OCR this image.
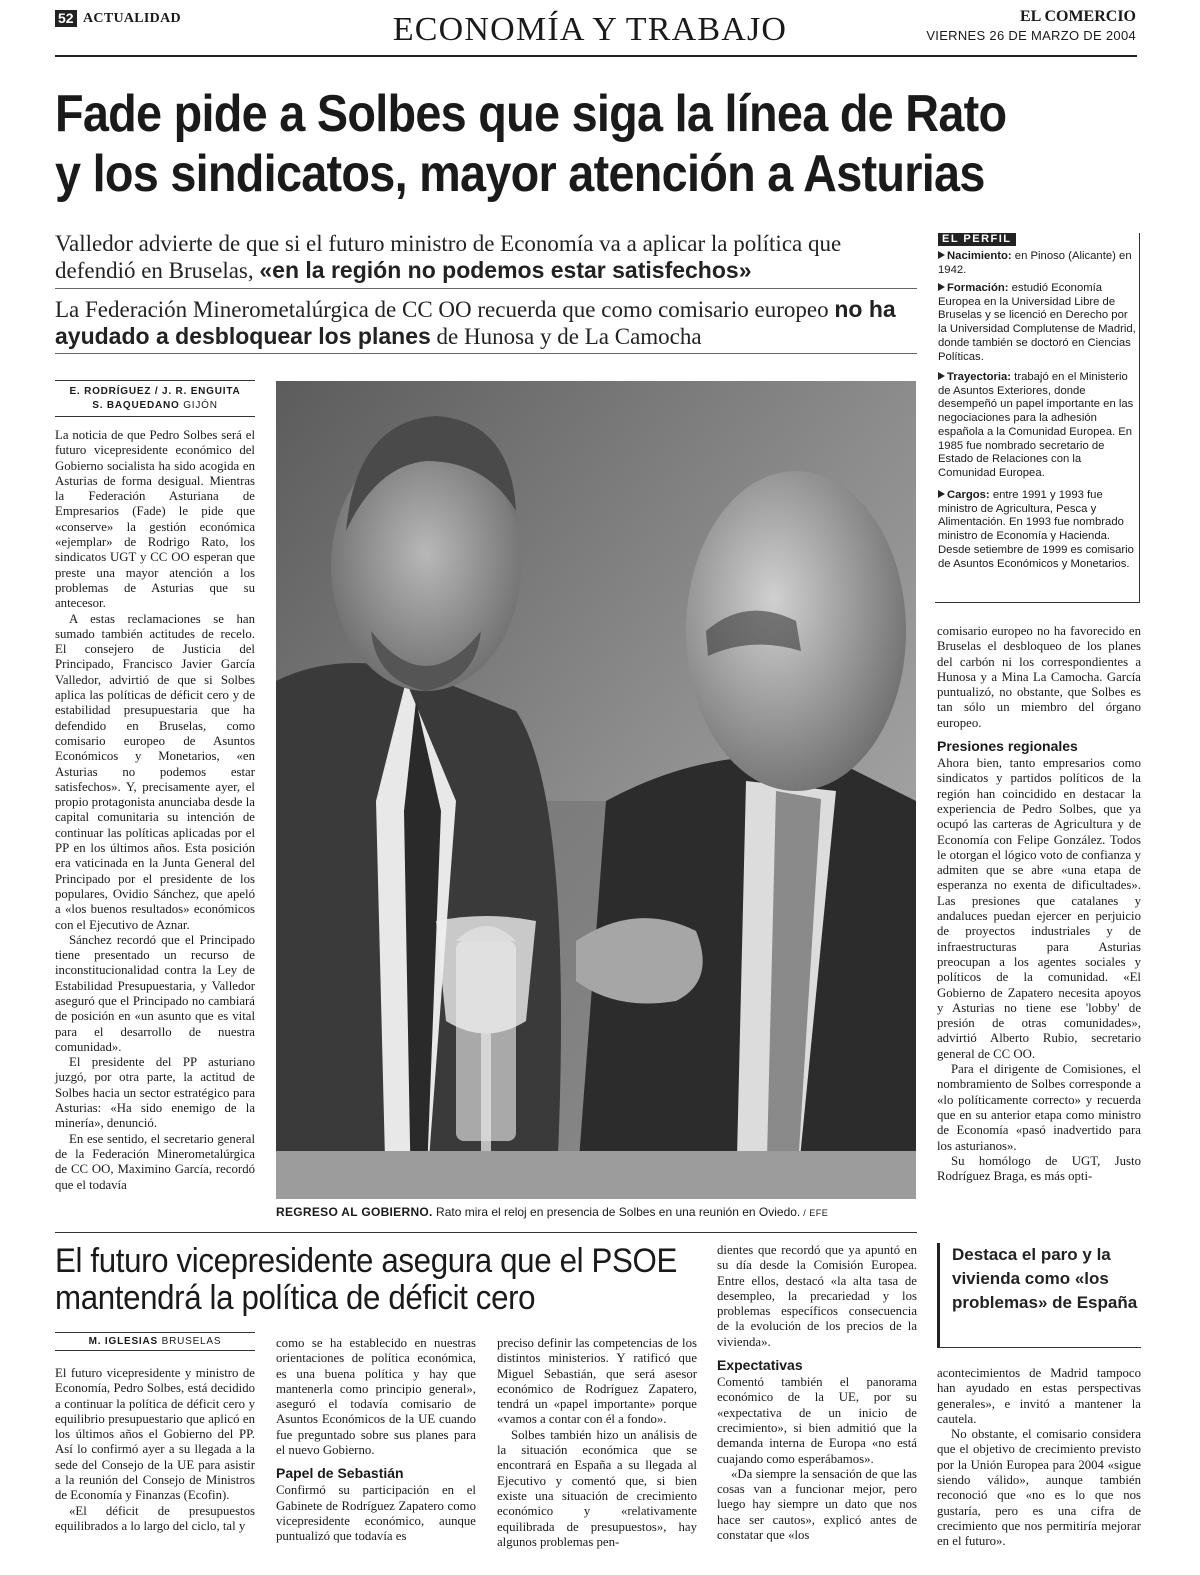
52 ACTUALIDAD	ECONOMÍA Y TRABAJO	EL COMERCIO
VIERNES 26 DE MARZO DE 2004
Fade pide a Solbes que siga la línea de Rato
y los sindicatos, mayor atención a Asturias
Valledor advierte de que si el futuro ministro de Economía va a aplicar la política que defendió en Bruselas, «en la región no podemos estar satisfechos»
La Federación Minerometalúrgica de CC OO recuerda que como comisario europeo no ha ayudado a desbloquear los planes de Hunosa y de La Camocha
EL PERFIL
Nacimiento: en Pinoso (Alicante) en 1942.
Formación: estudió Economía Europea en la Universidad Libre de Bruselas y se licenció en Derecho por la Universidad Complutense de Madrid, donde también se doctoró en Ciencias Políticas.
Trayectoria: trabajó en el Ministerio de Asuntos Exteriores, donde desempeñó un papel importante en las negociaciones para la adhesión española a la Comunidad Europea. En 1985 fue nombrado secretario de Estado de Relaciones con la Comunidad Europea.
Cargos: entre 1991 y 1993 fue ministro de Agricultura, Pesca y Alimentación. En 1993 fue nombrado ministro de Economía y Hacienda. Desde setiembre de 1999 es comisario de Asuntos Económicos y Monetarios.
E. RODRÍGUEZ / J. R. ENGUITA
S. BAQUEDANO GIJÓN

La noticia de que Pedro Solbes será el futuro vicepresidente económico del Gobierno socialista ha sido acogida en Asturias de forma desigual. Mientras la Federación Asturiana de Empresarios (Fade) le pide que «conserve» la gestión económica «ejemplar» de Rodrigo Rato, los sindicatos UGT y CC OO esperan que preste una mayor atención a los problemas de Asturias que su antecesor.

A estas reclamaciones se han sumado también actitudes de recelo. El consejero de Justicia del Principado, Francisco Javier García Valledor, advirtió de que si Solbes aplica las políticas de déficit cero y de estabilidad presupuestaria que ha defendido en Bruselas, como comisario europeo de Asuntos Económicos y Monetarios, «en Asturias no podemos estar satisfechos». Y, precisamente ayer, el propio protagonista anunciaba desde la capital comunitaria su intención de continuar las políticas aplicadas por el PP en los últimos años. Esta posición era vaticinada en la Junta General del Principado por el presidente de los populares, Ovidio Sánchez, que apeló a «los buenos resultados» económicos con el Ejecutivo de Aznar.

Sánchez recordó que el Principado tiene presentado un recurso de inconstitucionalidad contra la Ley de Estabilidad Presupuestaria, y Valledor aseguró que el Principado no cambiará de posición en «un asunto que es vital para el desarrollo de nuestra comunidad».

El presidente del PP asturiano juzgó, por otra parte, la actitud de Solbes hacia un sector estratégico para Asturias: «Ha sido enemigo de la minería», denunció.

En ese sentido, el secretario general de la Federación Minerometalúrgica de CC OO, Maximino García, recordó que el todavía

REGRESO AL GOBIERNO. Rato mira el reloj en presencia de Solbes en una reunión en Oviedo. / EFE

comisario europeo no ha favorecido en Bruselas el desbloqueo de los planes del carbón ni los correspondientes a Hunosa y a Mina La Camocha. García puntualizó, no obstante, que Solbes es tan sólo un miembro del órgano europeo.

Presiones regionales

Ahora bien, tanto empresarios como sindicatos y partidos políticos de la región han coincidido en destacar la experiencia de Pedro Solbes, que ya ocupó las carteras de Agricultura y de Economía con Felipe González. Todos le otorgan el lógico voto de confianza y admiten que se abre «una etapa de esperanza no exenta de dificultades». Las presiones que catalanes y andaluces puedan ejercer en perjuicio de proyectos industriales y de infraestructuras para Asturias preocupan a los agentes sociales y políticos de la comunidad. «El Gobierno de Zapatero necesita apoyos y Asturias no tiene ese 'lobby' de presión de otras comunidades», advirtió Alberto Rubio, secretario general de CC OO.

Para el dirigente de Comisiones, el nombramiento de Solbes corresponde a «lo políticamente correcto» y recuerda que en su anterior etapa como ministro de Economía «pasó inadvertido para los asturianos».

Su homólogo de UGT, Justo Rodríguez Braga, es más opti-

El futuro vicepresidente asegura que el PSOE mantendrá la política de déficit cero
M. IGLESIAS BRUSELAS

El futuro vicepresidente y ministro de Economía, Pedro Solbes, está decidido a continuar la política de déficit cero y equilibrio presupuestario que aplicó en los últimos años el Gobierno del PP. Así lo confirmó ayer a su llegada a la sede del Consejo de la UE para asistir a la reunión del Consejo de Ministros de Economía y Finanzas (Ecofin).

«El déficit de presupuestos equilibrados a lo largo del ciclo, tal y

como se ha establecido en nuestras orientaciones de política económica, es una buena política y hay que mantenerla como principio general», aseguró el todavía comisario de Asuntos Económicos de la UE cuando fue preguntado sobre sus planes para el nuevo Gobierno.

Papel de Sebastián

Confirmó su participación en el Gabinete de Rodríguez Zapatero como vicepresidente económico, aunque puntualizó que todavía es

preciso definir las competencias de los distintos ministerios. Y ratificó que Miguel Sebastián, que será asesor económico de Rodríguez Zapatero, tendrá un «papel importante» porque «vamos a contar con él a fondo».

Solbes también hizo un análisis de la situación económica que se encontrará en España a su llegada al Ejecutivo y comentó que, si bien existe una situación de crecimiento económico y «relativamente equilibrada de presupuestos», hay algunos problemas pen-

dientes que recordó que ya apuntó en su día desde la Comisión Europea. Entre ellos, destacó «la alta tasa de desempleo, la precariedad y los problemas específicos consecuencia de la evolución de los precios de la vivienda».

Expectativas

Comentó también el panorama económico de la UE, por su «expectativa de un inicio de crecimiento», si bien admitió que la demanda interna de Europa «no está cuajando como esperábamos».

«Da siempre la sensación de que las cosas van a funcionar mejor, pero luego hay siempre un dato que nos hace ser cautos», explicó antes de constatar que «los

Destaca el paro y la vivienda como «los problemas» de España

acontecimientos de Madrid tampoco han ayudado en estas perspectivas generales», e invitó a mantener la cautela.

No obstante, el comisario considera que el objetivo de crecimiento previsto por la Unión Europea para 2004 «sigue siendo válido», aunque también reconoció que «no es lo que nos gustaría, pero es una cifra de crecimiento que nos permitiría mejorar en el futuro».
